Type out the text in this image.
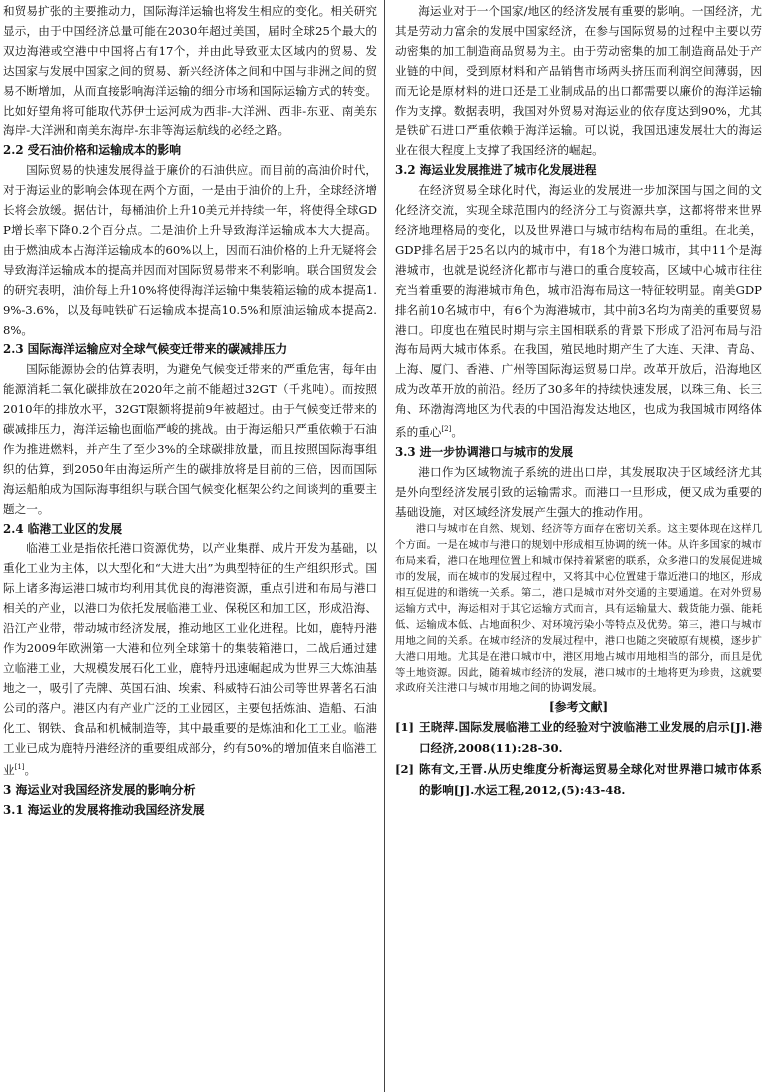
和贸易扩张的主要推动力，国际海洋运输也将发生相应的变化。相关研究显示，由于中国经济总量可能在2030年超过美国，届时全球25个最大的双边海港或空港中中国将占有17个，并由此导致亚太区域内的贸易、发达国家与发展中国家之间的贸易、新兴经济体之间和中国与非洲之间的贸易不断增加，从而直接影响海洋运输的细分市场和国际运输方式的转变。比如好望角将可能取代苏伊士运河成为西非-大洋洲、西非-东亚、南美东海岸-大洋洲和南美东海岸-东非等海运航线的必经之路。

2.2 受石油价格和运输成本的影响

国际贸易的快速发展得益于廉价的石油供应。而目前的高油价时代，对于海运业的影响会体现在两个方面，一是由于油价的上升，全球经济增长将会放缓。据估计，每桶油价上升10美元并持续一年，将使得全球GDP增长率下降0.2个百分点。二是油价上升导致海洋运输成本大大提高。由于燃油成本占海洋运输成本的60%以上，因而石油价格的上升无疑将会导致海洋运输成本的提高并因而对国际贸易带来不利影响。联合国贸发会的研究表明，油价每上升10%将使得海洋运输中集装箱运输的成本提高1.9%-3.6%，以及每吨铁矿石运输成本提高10.5%和原油运输成本提高2.8%。

2.3 国际海洋运输应对全球气候变迁带来的碳减排压力

国际能源协会的估算表明，为避免气候变迁带来的严重危害，每年由能源消耗二氧化碳排放在2020年之前不能超过32GT（千兆吨）。而按照2010年的排放水平，32GT限额将提前9年被超过。由于气候变迁带来的碳减排压力，海洋运输也面临严峻的挑战。由于海运船只严重依赖于石油作为推进燃料，并产生了至少3%的全球碳排放量，而且按照国际海事组织的估算，到2050年由海运所产生的碳排放将是目前的三倍，因而国际海运船舶成为国际海事组织与联合国气候变化框架公约之间谈判的重要主题之一。

2.4 临港工业区的发展

临港工业是指依托港口资源优势，以产业集群、成片开发为基础，以重化工业为主体，以大型化和“大进大出”为典型特征的生产组织形式。国际上诸多海运港口城市均利用其优良的海港资源，重点引进和布局与港口相关的产业，以港口为依托发展临港工业、保税区和加工区，形成沿海、沿江产业带，带动城市经济发展，推动地区工业化进程。比如，鹿特丹港作为2009年欧洲第一大港和位列全球第十的集装箱港口，二战后通过建立临港工业，大规模发展石化工业，鹿特丹迅速崛起成为世界三大炼油基地之一，吸引了壳牌、英国石油、埃索、科威特石油公司等世界著名石油公司的落户。港区内有产业广泛的工业园区，主要包括炼油、造船、石油化工、钢铁、食品和机械制造等，其中最重要的是炼油和化工工业。临港工业已成为鹿特丹港经济的重要组成部分，约有50%的增加值来自临港工业[1]。

3 海运业对我国经济发展的影响分析
3.1 海运业的发展将推动我国经济发展

海运业对于一个国家/地区的经济发展有重要的影响。一国经济，尤其是劳动力富余的发展中国家经济，在参与国际贸易的过程中主要以劳动密集的加工制造商品贸易为主。由于劳动密集的加工制造商品处于产业链的中间，受到原材料和产品销售市场两头挤压而利润空间薄弱，因而无论是原材料的进口还是工业制成品的出口都需要以廉价的海洋运输作为支撑。数据表明，我国对外贸易对海运业的依存度达到90%，尤其是铁矿石进口严重依赖于海洋运输。可以说，我国迅速发展壮大的海运业在很大程度上支撑了我国经济的崛起。

3.2 海运业发展推进了城市化发展进程

在经济贸易全球化时代，海运业的发展进一步加深国与国之间的文化经济交流，实现全球范围内的经济分工与资源共享，这都将带来世界经济地理格局的变化，以及世界港口与城市结构布局的重组。在北美，GDP排名居于25名以内的城市中，有18个为港口城市，其中11个是海港城市，也就是说经济化都市与港口的重合度较高，区域中心城市往往充当着重要的海港城市角色，城市沿海布局这一特征较明显。南美GDP排名前10名城市中，有6个为海港城市，其中前3名均为南美的重要贸易港口。印度也在殖民时期与宗主国相联系的背景下形成了沿河布局与沿海布局两大城市体系。在我国，殖民地时期产生了大连、天津、青岛、上海、厦门、香港、广州等国际海运贸易口岸。改革开放后，沿海地区成为改革开放的前沿。经历了30多年的持续快速发展，以珠三角、长三角、环渤海湾地区为代表的中国沿海发达地区，也成为我国城市网络体系的重心[2]。

3.3 进一步协调港口与城市的发展

港口作为区域物流子系统的进出口岸，其发展取决于区域经济尤其是外向型经济发展引致的运输需求。而港口一旦形成，便又成为重要的基础设施，对区域经济发展产生强大的推动作用。

港口与城市在自然、规划、经济等方面存在密切关系。这主要体现在这样几个方面。一是在城市与港口的规划中形成相互协调的统一体。从许多国家的城市布局来看，港口在地理位置上和城市保持着紧密的联系，众多港口的发展促进城市的发展，而在城市的发展过程中，又将其中心位置建于靠近港口的地区，形成相互促进的和谐统一关系。第二，港口是城市对外交通的主要通道。在对外贸易运输方式中，海运相对于其它运输方式而言，具有运输量大、载货能力强、能耗低、运输成本低、占地面积少、对环境污染小等特点及优势。第三，港口与城市用地之间的关系。在城市经济的发展过程中，港口也随之突破原有规模，逐步扩大港口用地。尤其是在港口城市中，港区用地占城市用地相当的部分，而且是优等土地资源。因此，随着城市经济的发展，港口城市的土地将更为珍贵，这就要求政府关注港口与城市用地之间的协调发展。

[参考文献]
[1] 王晓萍.国际发展临港工业的经验对宁波临港工业发展的启示[J].港口经济,2008(11):28-30.
[2] 陈有文,王晋.从历史维度分析海运贸易全球化对世界港口城市体系的影响[J].水运工程,2012,(5):43-48.
